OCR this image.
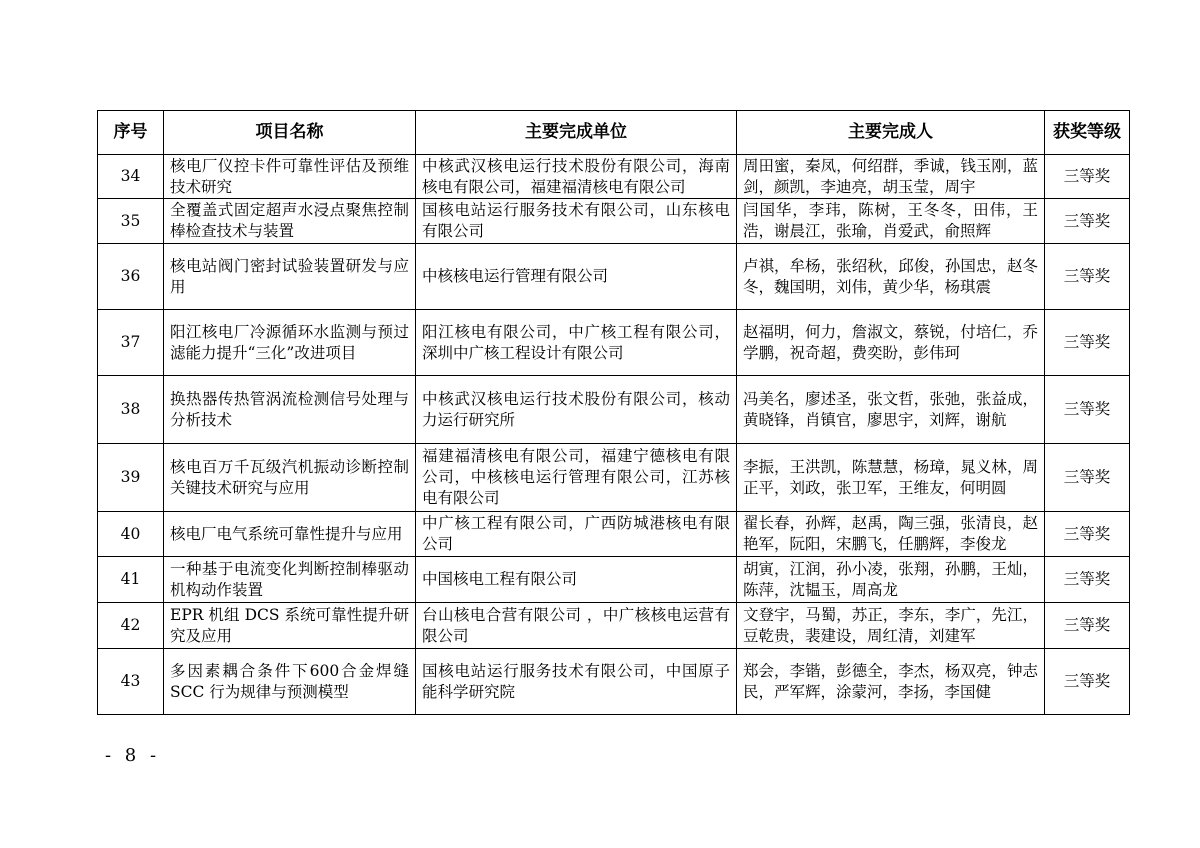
序号	项目名称	主要完成单位	主要完成人	获奖等级
34	核电厂仪控卡件可靠性评估及预维技术研究	中核武汉核电运行技术股份有限公司，海南核电有限公司，福建福清核电有限公司	周田蜜，秦凤，何绍群，季诚，钱玉刚，蓝剑，颜凯，李迪亮，胡玉莹，周宇	三等奖
35	全覆盖式固定超声水浸点聚焦控制棒检查技术与装置	国核电站运行服务技术有限公司，山东核电有限公司	闫国华，李玮，陈树，王冬冬，田伟，王浩，谢晨江，张瑜，肖爱武，俞照辉	三等奖
36	核电站阀门密封试验装置研发与应用	中核核电运行管理有限公司	卢祺，牟杨，张绍秋，邱俊，孙国忠，赵冬冬，魏国明，刘伟，黄少华，杨琪震	三等奖
37	阳江核电厂冷源循环水监测与预过滤能力提升“三化”改进项目	阳江核电有限公司，中广核工程有限公司，深圳中广核工程设计有限公司	赵福明，何力，詹淑文，蔡锐，付培仁，乔学鹏，祝奇超，费奕盼，彭伟珂	三等奖
38	换热器传热管涡流检测信号处理与分析技术	中核武汉核电运行技术股份有限公司，核动力运行研究所	冯美名，廖述圣，张文哲，张弛，张益成，黄晓锋，肖镇官，廖思宇，刘辉，谢航	三等奖
39	核电百万千瓦级汽机振动诊断控制关键技术研究与应用	福建福清核电有限公司，福建宁德核电有限公司，中核核电运行管理有限公司，江苏核电有限公司	李振，王洪凯，陈慧慧，杨璋，晁义林，周正平，刘政，张卫军，王维友，何明圆	三等奖
40	核电厂电气系统可靠性提升与应用	中广核工程有限公司，广西防城港核电有限公司	翟长春，孙辉，赵禹，陶三强，张清良，赵艳军，阮阳，宋鹏飞，任鹏辉，李俊龙	三等奖
41	一种基于电流变化判断控制棒驱动机构动作装置	中国核电工程有限公司	胡寅，江润，孙小凌，张翔，孙鹏，王灿，陈萍，沈韫玉，周高龙	三等奖
42	EPR 机组 DCS 系统可靠性提升研究及应用	台山核电合营有限公司 ，中广核核电运营有限公司	文登宇，马蜀，苏正，李东，李广，先江，豆乾贵，裴建设，周红清，刘建军	三等奖
43	多因素耦合条件下600合金焊缝SCC 行为规律与预测模型	国核电站运行服务技术有限公司，中国原子能科学研究院	郑会，李锴，彭德全，李杰，杨双亮，钟志民，严军辉，涂蒙河，李扬，李国健	三等奖
- 8 -
